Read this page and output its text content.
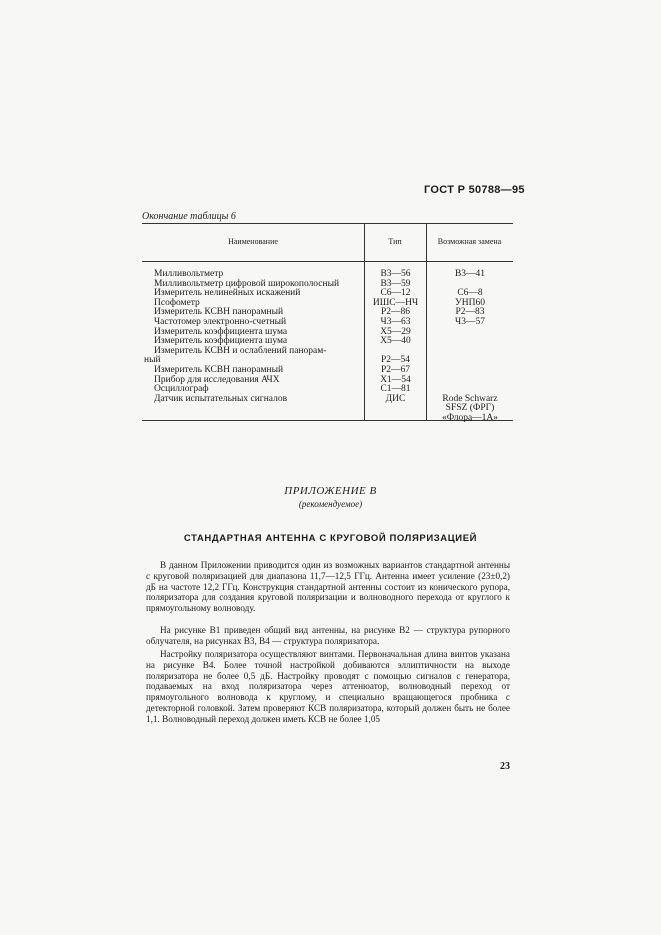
ГОСТ Р 50788—95
Окончание таблицы 6
Наименование	Тип	Возможная замена
Милливольтметр	В3—56	В3—41
Милливольтметр цифровой широкополосный	В3—59
Измеритель нелинейных искажений	С6—12	С6—8
Псофометр	ИШС—НЧ	УНП60
Измеритель КСВН панорамный	Р2—86	Р2—83
Частотомер электронно-счетный	Ч3—63	Ч3—57
Измеритель коэффициента шума	Х5—29
Измеритель коэффициента шума	Х5—40
Измеритель КСВН и ослаблений панорам-
ный	Р2—54
Измеритель КСВН панорамный	Р2—67
Прибор для исследования АЧХ	Х1—54
Осциллограф	С1—81
Датчик испытательных сигналов	ДИС	Rode Schwarz
SFSZ (ФРГ)
«Флора—1А»
ПРИЛОЖЕНИЕ В
(рекомендуемое)
СТАНДАРТНАЯ АНТЕННА С КРУГОВОЙ ПОЛЯРИЗАЦИЕЙ

В данном Приложении приводится один из возможных вариантов стандартной антенны с круговой поляризацией для диапазона 11,7—12,5 ГГц. Антенна имеет усиление (23±0,2) дБ на частоте 12,2 ГГц. Конструкция стандартной антенны состоит из конического рупора, поляризатора для создания круговой поляризации и волноводного перехода от круглого к прямоугольному волноводу.

На рисунке В1 приведен общий вид антенны, на рисунке В2 — структура рупорного облучателя, на рисунках В3, В4 — структура поляризатора.

Настройку поляризатора осуществляют винтами. Первоначальная длина винтов указана на рисунке В4. Более точной настройкой добиваются эллиптичности на выходе поляризатора не более 0,5 дБ. Настройку проводят с помощью сигналов с генератора, подаваемых на вход поляризатора через аттенюатор, волноводный переход от прямоугольного волновода к круглому, и специально вращающегося пробника с детекторной головкой. Затем проверяют КСВ поляризатора, который должен быть не более 1,1. Волноводный переход должен иметь КСВ не более 1,05

23
